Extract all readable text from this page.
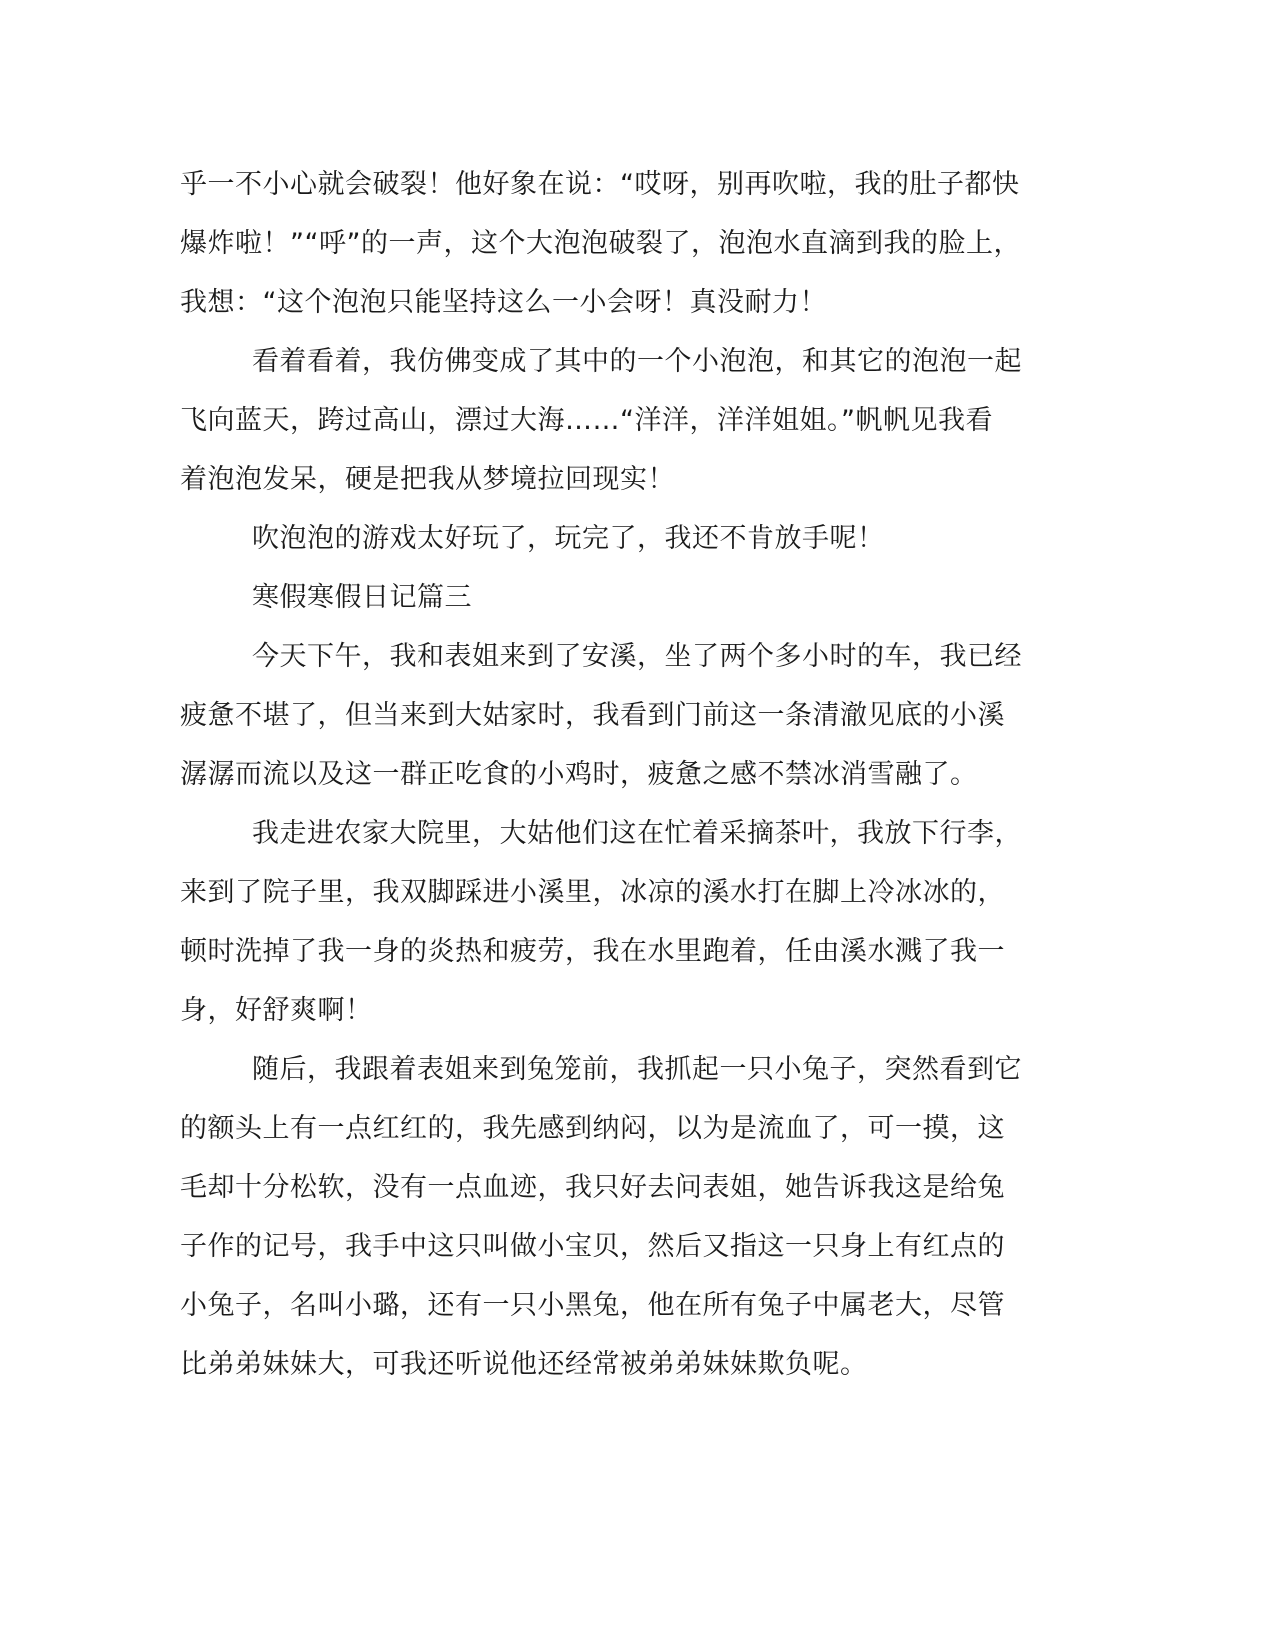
乎一不小心就会破裂！他好象在说：“哎呀，别再吹啦，我的肚子都快
爆炸啦！”“呼”的一声，这个大泡泡破裂了，泡泡水直滴到我的脸上，
我想：“这个泡泡只能坚持这么一小会呀！真没耐力！
看着看着，我仿佛变成了其中的一个小泡泡，和其它的泡泡一起
飞向蓝天，跨过高山，漂过大海……“洋洋，洋洋姐姐。”帆帆见我看
着泡泡发呆，硬是把我从梦境拉回现实！
吹泡泡的游戏太好玩了，玩完了，我还不肯放手呢！
寒假寒假日记篇三
今天下午，我和表姐来到了安溪，坐了两个多小时的车，我已经
疲惫不堪了，但当来到大姑家时，我看到门前这一条清澈见底的小溪
潺潺而流以及这一群正吃食的小鸡时，疲惫之感不禁冰消雪融了。
我走进农家大院里，大姑他们这在忙着采摘茶叶，我放下行李，
来到了院子里，我双脚踩进小溪里，冰凉的溪水打在脚上冷冰冰的，
顿时洗掉了我一身的炎热和疲劳，我在水里跑着，任由溪水溅了我一
身，好舒爽啊！
随后，我跟着表姐来到兔笼前，我抓起一只小兔子，突然看到它
的额头上有一点红红的，我先感到纳闷，以为是流血了，可一摸，这
毛却十分松软，没有一点血迹，我只好去问表姐，她告诉我这是给兔
子作的记号，我手中这只叫做小宝贝，然后又指这一只身上有红点的
小兔子，名叫小璐，还有一只小黑兔，他在所有兔子中属老大，尽管
比弟弟妹妹大，可我还听说他还经常被弟弟妹妹欺负呢。
